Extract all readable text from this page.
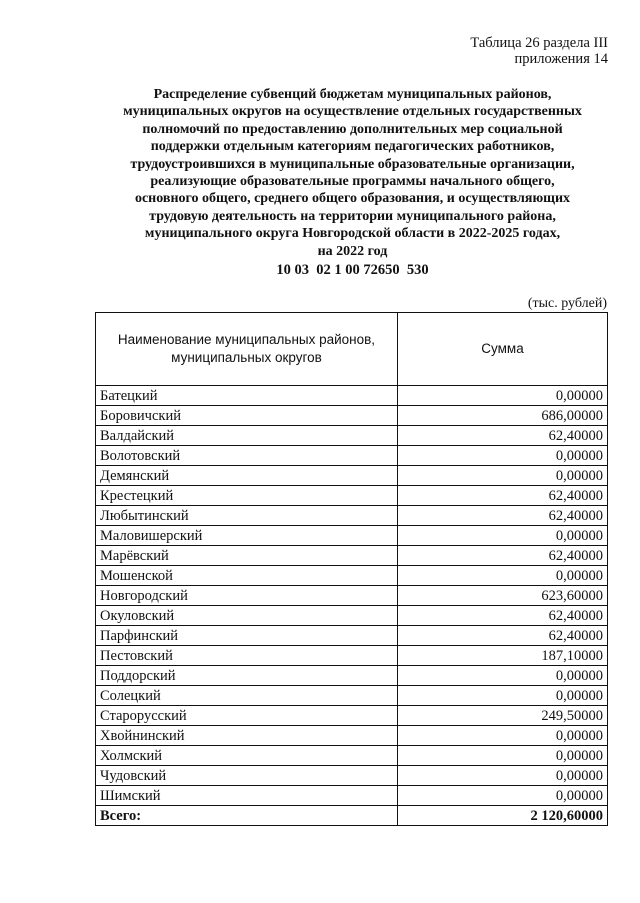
Таблица 26 раздела III
приложения 14
Распределение субвенций бюджетам муниципальных районов,
муниципальных округов на осуществление отдельных государственных
полномочий по предоставлению дополнительных мер социальной
поддержки отдельным категориям педагогических работников,
трудоустроившихся в муниципальные образовательные организации,
реализующие образовательные программы начального общего,
основного общего, среднего общего образования, и осуществляющих
трудовую деятельность на территории муниципального района,
муниципального округа Новгородской области в 2022-2025 годах,
на 2022 год
10 03  02 1 00 72650  530
(тыс. рублей)
Наименование муниципальных районов, муниципальных округов	Сумма
Батецкий	0,00000
Боровичский	686,00000
Валдайский	62,40000
Волотовский	0,00000
Демянский	0,00000
Крестецкий	62,40000
Любытинский	62,40000
Маловишерский	0,00000
Марёвский	62,40000
Мошенской	0,00000
Новгородский	623,60000
Окуловский	62,40000
Парфинский	62,40000
Пестовский	187,10000
Поддорский	0,00000
Солецкий	0,00000
Старорусский	249,50000
Хвойнинский	0,00000
Холмский	0,00000
Чудовский	0,00000
Шимский	0,00000
Всего:	2 120,60000
